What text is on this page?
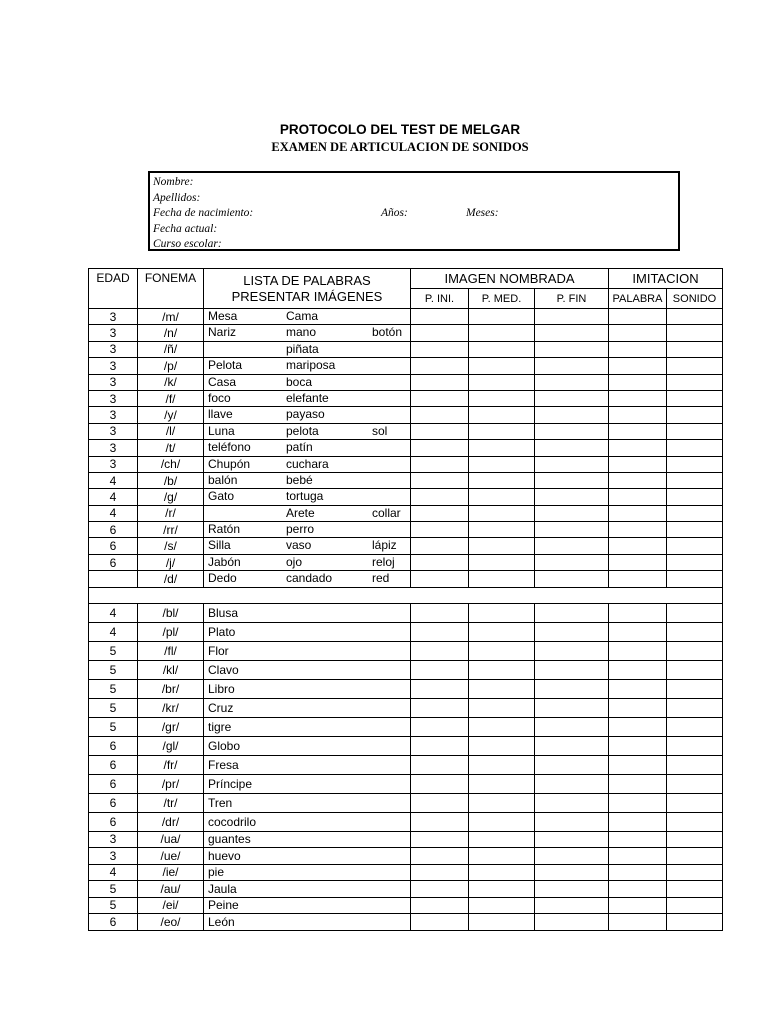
PROTOCOLO DEL TEST DE MELGAR
EXAMEN DE ARTICULACION DE SONIDOS
Nombre:
Apellidos:
Fecha de nacimiento:	Años:	Meses:
Fecha actual:
Curso escolar:
EDAD	FONEMA	LISTA DE PALABRAS
PRESENTAR IMÁGENES	IMAGEN NOMBRADA			IMITACION	
			P. INI.	P. MED.	P. FIN	PALABRA	SONIDO
3	/m/	Mesa Cama					

3	/n/	Nariz mano botón					

3	/ñ/	piñata					

3	/p/	Pelota mariposa					

3	/k/	Casa boca					

3	/f/	foco elefante					

3	/y/	llave payaso					

3	/l/	Luna pelota sol					

3	/t/	teléfono patín					

3	/ch/	Chupón cuchara					

4	/b/	balón bebé					

4	/g/	Gato tortuga					

4	/r/	Arete collar					

6	/rr/	Ratón perro					

6	/s/	Silla vaso lápiz					

6	/j/	Jabón ojo reloj					

	/d/	Dedo candado red					

4	/bl/	Blusa					
4	/pl/	Plato					
5	/fl/	Flor					
5	/kl/	Clavo					
5	/br/	Libro					
5	/kr/	Cruz					
5	/gr/	tigre					
6	/gl/	Globo					
6	/fr/	Fresa					
6	/pr/	Príncipe					
6	/tr/	Tren					
6	/dr/	cocodrilo					
3	/ua/	guantes					
3	/ue/	huevo					
4	/ie/	pie					
5	/au/	Jaula					
5	/ei/	Peine					
6	/eo/	León					
